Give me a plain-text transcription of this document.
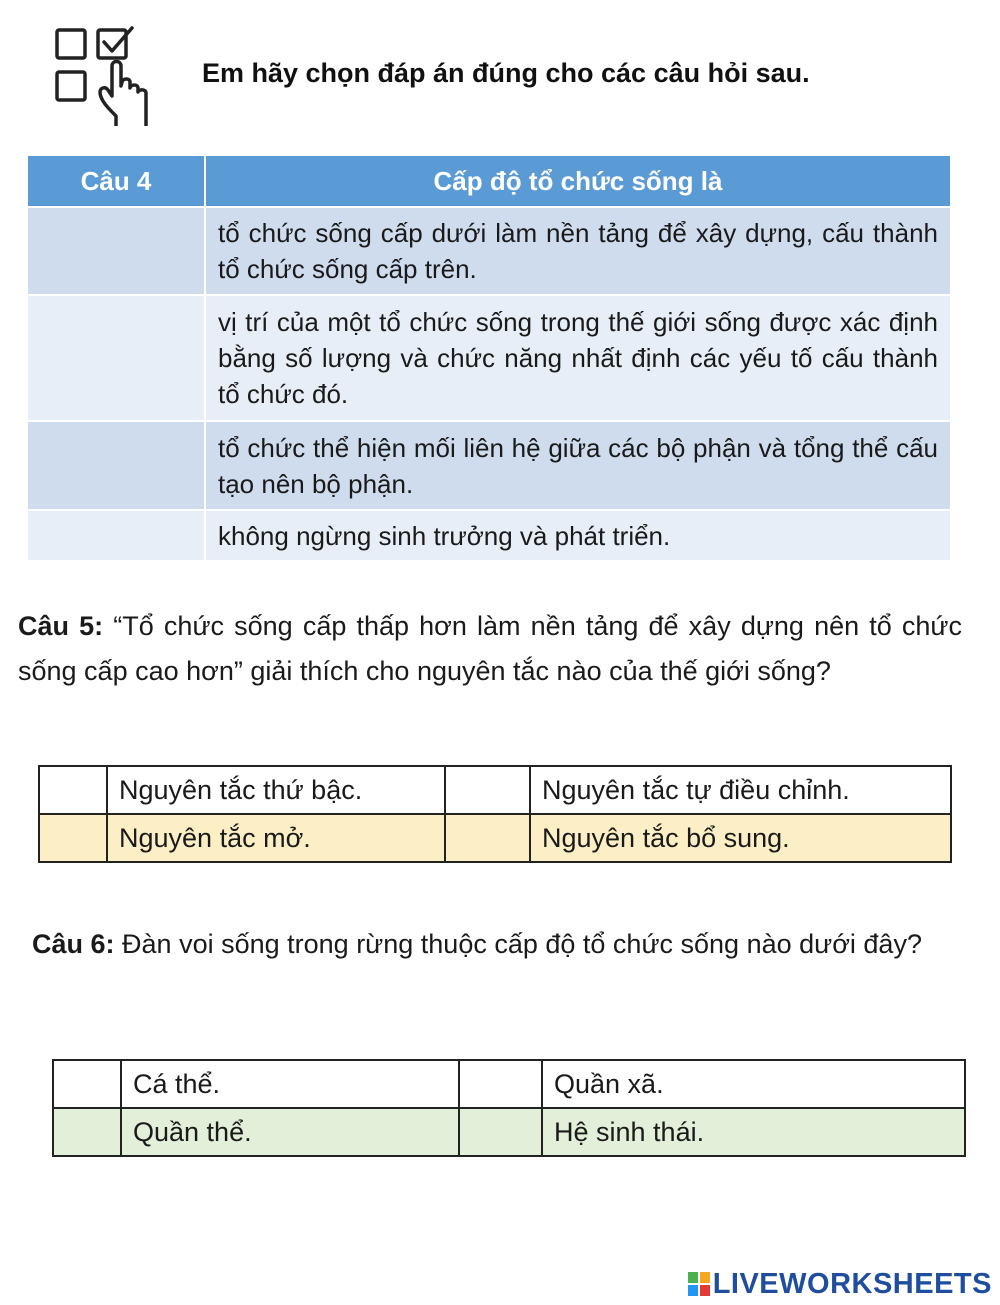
Em hãy chọn đáp án đúng cho các câu hỏi sau.
Câu 4	Cấp độ tổ chức sống là
	tổ chức sống cấp dưới làm nền tảng để xây dựng, cấu thành tổ chức sống cấp trên.
	vị trí của một tổ chức sống trong thế giới sống được xác định bằng số lượng và chức năng nhất định các yếu tố cấu thành tổ chức đó.
	tổ chức thể hiện mối liên hệ giữa các bộ phận và tổng thể cấu tạo nên bộ phận.
	không ngừng sinh trưởng và phát triển.
Câu 5: “Tổ chức sống cấp thấp hơn làm nền tảng để xây dựng nên tổ chức sống cấp cao hơn” giải thích cho nguyên tắc nào của thế giới sống?
	Nguyên tắc thứ bậc.		Nguyên tắc tự điều chỉnh.
	Nguyên tắc mở.		Nguyên tắc bổ sung.
Câu 6: Đàn voi sống trong rừng thuộc cấp độ tổ chức sống nào dưới đây?
	Cá thể.		Quần xã.
	Quần thể.		Hệ sinh thái.
LIVEWORKSHEETS
